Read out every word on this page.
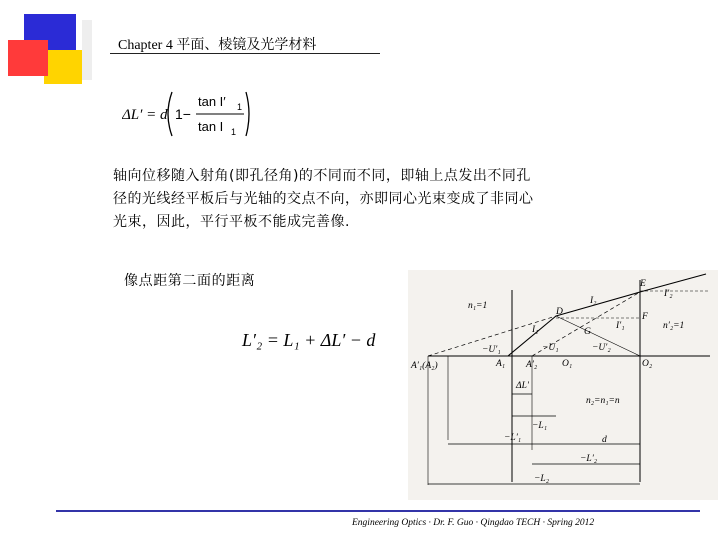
Chapter 4 平面、棱镜及光学材料
ΔL′ = d 1−
tan I′ 1
tan I 1
轴向位移随入射角(即孔径角)的不同而不同，即轴上点发出不同孔
径的光线经平板后与光轴的交点不向，亦即同心光束变成了非同心
光束，因此，平行平板不能成完善像.
像点距第二面的距离
L′₂ = L₁ + ΔL′ − d
n₁=1
n₂=n₁=n
n′₂=1
E
F
D
G
I₂
I′₂
I₁	I′₁
−U₁
−U′₁	−U′₂
O₁	O₂
A₁ A′₂
A′₁(A₂)
ΔL′
−L₁
−L′₁	d
−L′₂
−L₂
Engineering Optics · Dr. F. Guo · Qingdao TECH · Spring 2012
